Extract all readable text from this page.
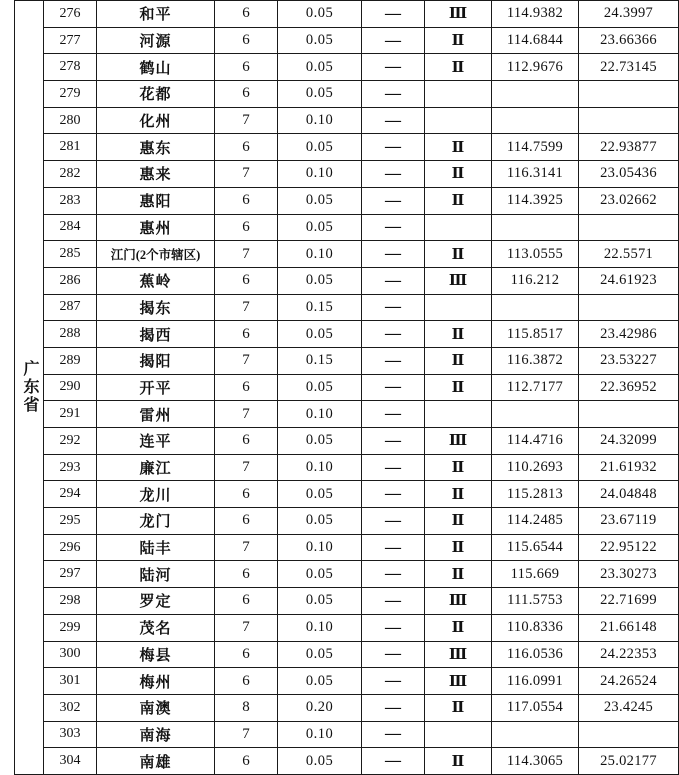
广东省	276	和平	6	0.05	—	Ⅲ	114.9382	24.3997
	277	河源	6	0.05	—	Ⅱ	114.6844	23.66366
	278	鹤山	6	0.05	—	Ⅱ	112.9676	22.73145
	279	花都	6	0.05	—			
	280	化州	7	0.10	—			
	281	惠东	6	0.05	—	Ⅱ	114.7599	22.93877
	282	惠来	7	0.10	—	Ⅱ	116.3141	23.05436
	283	惠阳	6	0.05	—	Ⅱ	114.3925	23.02662
	284	惠州	6	0.05	—			
	285	江门(2个市辖区)	7	0.10	—	Ⅱ	113.0555	22.5571
	286	蕉岭	6	0.05	—	Ⅲ	116.212	24.61923
	287	揭东	7	0.15	—			
	288	揭西	6	0.05	—	Ⅱ	115.8517	23.42986
	289	揭阳	7	0.15	—	Ⅱ	116.3872	23.53227
	290	开平	6	0.05	—	Ⅱ	112.7177	22.36952
	291	雷州	7	0.10	—			
	292	连平	6	0.05	—	Ⅲ	114.4716	24.32099
	293	廉江	7	0.10	—	Ⅱ	110.2693	21.61932
	294	龙川	6	0.05	—	Ⅱ	115.2813	24.04848
	295	龙门	6	0.05	—	Ⅱ	114.2485	23.67119
	296	陆丰	7	0.10	—	Ⅱ	115.6544	22.95122
	297	陆河	6	0.05	—	Ⅱ	115.669	23.30273
	298	罗定	6	0.05	—	Ⅲ	111.5753	22.71699
	299	茂名	7	0.10	—	Ⅱ	110.8336	21.66148
	300	梅县	6	0.05	—	Ⅲ	116.0536	24.22353
	301	梅州	6	0.05	—	Ⅲ	116.0991	24.26524
	302	南澳	8	0.20	—	Ⅱ	117.0554	23.4245
	303	南海	7	0.10	—			
	304	南雄	6	0.05	—	Ⅱ	114.3065	25.02177
